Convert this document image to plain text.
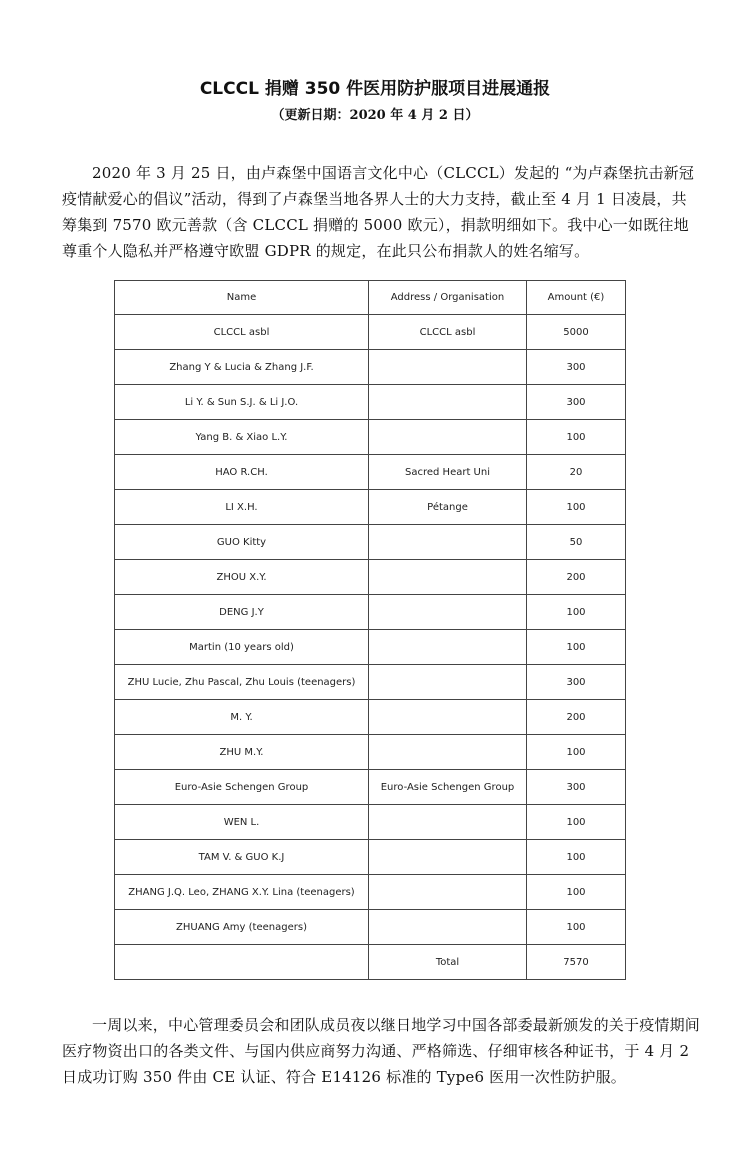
CLCCL 捐赠 350 件医用防护服项目进展通报
（更新日期：2020 年 4 月 2 日）

2020 年 3 月 25 日，由卢森堡中国语言文化中心（CLCCL）发起的 “为卢森堡抗击新冠疫情献爱心的倡议”活动，得到了卢森堡当地各界人士的大力支持，截止至 4 月 1 日凌晨，共筹集到 7570 欧元善款（含 CLCCL 捐赠的 5000 欧元），捐款明细如下。我中心一如既往地尊重个人隐私并严格遵守欧盟 GDPR 的规定，在此只公布捐款人的姓名缩写。

Name	Address / Organisation	Amount (€)
CLCCL asbl	CLCCL asbl	5000
Zhang Y & Lucia & Zhang J.F.		300
Li Y. & Sun S.J. & Li J.O.		300
Yang B. & Xiao L.Y.		100
HAO R.CH.	Sacred Heart Uni	20
LI X.H.	Pétange	100
GUO Kitty		50
ZHOU X.Y.		200
DENG J.Y		100
Martin (10 years old)		100
ZHU Lucie, Zhu Pascal, Zhu Louis (teenagers)		300
M. Y.		200
ZHU M.Y.		100
Euro-Asie Schengen Group	Euro-Asie Schengen Group	300
WEN L.		100
TAM V. & GUO K.J		100
ZHANG J.Q. Leo, ZHANG X.Y. Lina (teenagers)		100
ZHUANG Amy (teenagers)		100
	Total	7570

一周以来，中心管理委员会和团队成员夜以继日地学习中国各部委最新颁发的关于疫情期间医疗物资出口的各类文件、与国内供应商努力沟通、严格筛选、仔细审核各种证书，于 4 月 2 日成功订购 350 件由 CE 认证、符合 E14126 标准的 Type6 医用一次性防护服。
